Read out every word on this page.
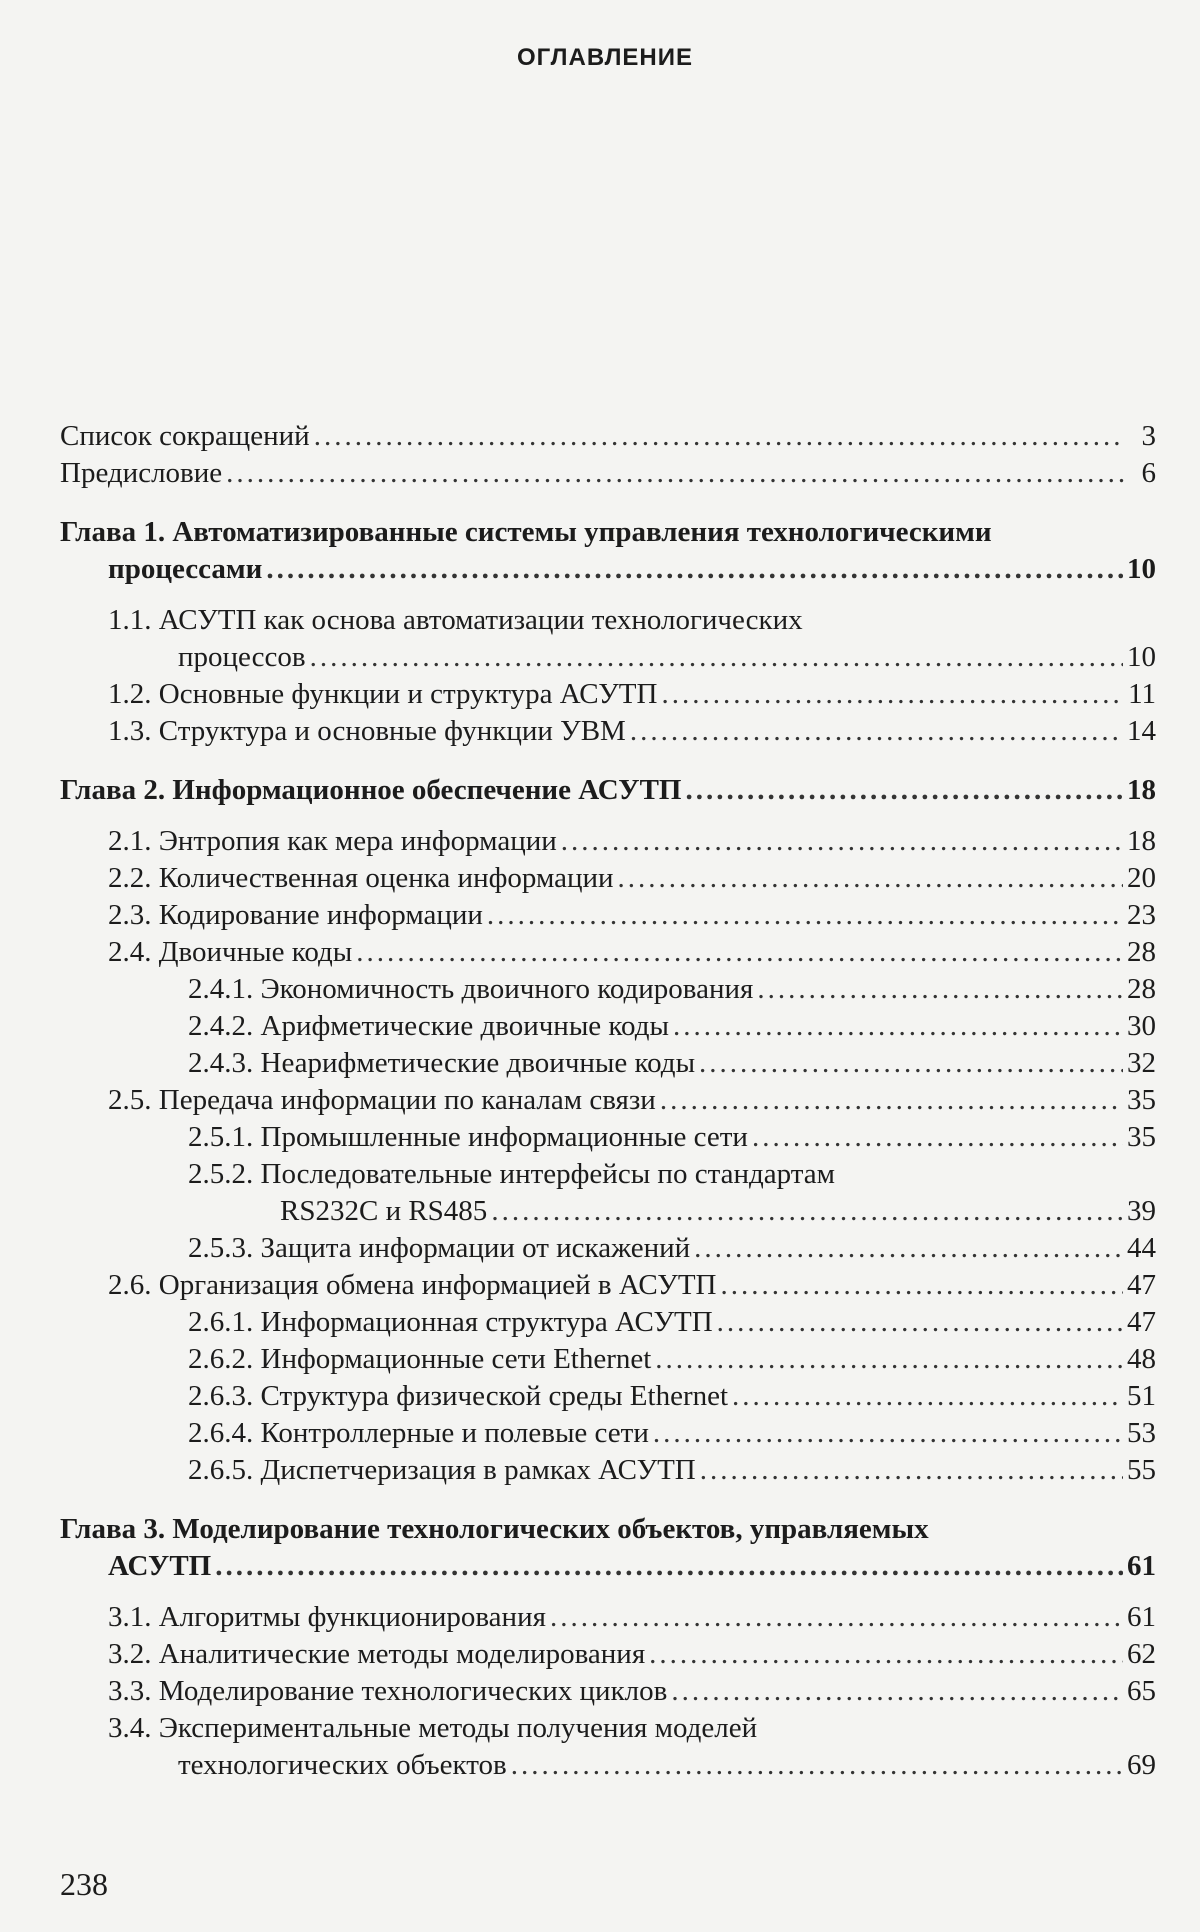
ОГЛАВЛЕНИЕ
Список сокращений .....	3
Предисловие .....	6
Глава 1. Автоматизированные системы управления технологическими
процессами .....	10
1.1. АСУТП как основа автоматизации технологических
процессов .....	10
1.2. Основные функции и структура АСУТП .....	11
1.3. Структура и основные функции УВМ .....	14
Глава 2. Информационное обеспечение АСУТП .....	18
2.1. Энтропия как мера информации .....	18
2.2. Количественная оценка информации .....	20
2.3. Кодирование информации .....	23
2.4. Двоичные коды .....	28
2.4.1. Экономичность двоичного кодирования .....	28
2.4.2. Арифметические двоичные коды .....	30
2.4.3. Неарифметические двоичные коды .....	32
2.5. Передача информации по каналам связи .....	35
2.5.1. Промышленные информационные сети .....	35
2.5.2. Последовательные интерфейсы по стандартам
RS232C и RS485 .....	39
2.5.3. Защита информации от искажений .....	44
2.6. Организация обмена информацией в АСУТП .....	47
2.6.1. Информационная структура АСУТП .....	47
2.6.2. Информационные сети Ethernet .....	48
2.6.3. Структура физической среды Ethernet .....	51
2.6.4. Контроллерные и полевые сети .....	53
2.6.5. Диспетчеризация в рамках АСУТП .....	55
Глава 3. Моделирование технологических объектов, управляемых
АСУТП .....	61
3.1. Алгоритмы функционирования .....	61
3.2. Аналитические методы моделирования .....	62
3.3. Моделирование технологических циклов .....	65
3.4. Экспериментальные методы получения моделей
технологических объектов .....	69
238
